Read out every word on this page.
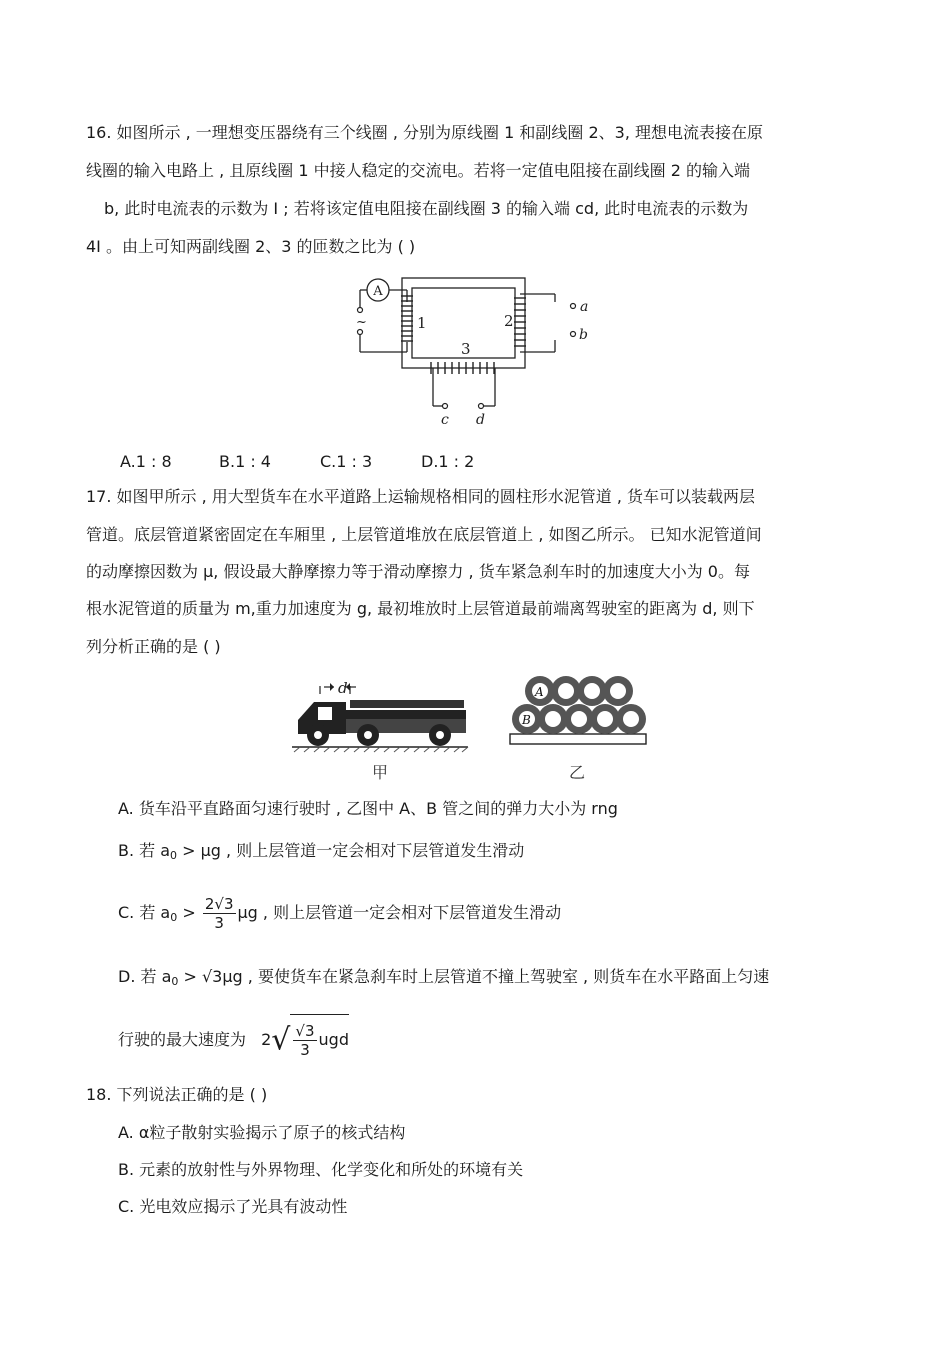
16. 如图所示 , 一理想变压器绕有三个线圈 , 分别为原线圈 1 和副线圈 2、3, 理想电流表接在原
线圈的输入电路上 , 且原线圈 1 中接人稳定的交流电。若将一定值电阻接在副线圈 2 的输入端
b, 此时电流表的示数为 I ; 若将该定值电阻接在副线圈 3 的输入端 cd, 此时电流表的示数为
4I 。由上可知两副线圈 2、3 的匝数之比为 ( )
A
~	1	2
3
a
b
c d
A.1 : 8	B.1 : 4	C.1 : 3	D.1 : 2
17. 如图甲所示 , 用大型货车在水平道路上运输规格相同的圆柱形水泥管道 , 货车可以装载两层
管道。底层管道紧密固定在车厢里 , 上层管道堆放在底层管道上 , 如图乙所示。 已知水泥管道间
的动摩擦因数为 μ, 假设最大静摩擦力等于滑动摩擦力 , 货车紧急刹车时的加速度大小为 0。每
根水泥管道的质量为 m,重力加速度为 g, 最初堆放时上层管道最前端离驾驶室的距离为 d, 则下
列分析正确的是 ( )
d
甲
A
B
乙
A. 货车沿平直路面匀速行驶时 , 乙图中 A、B 管之间的弹力大小为 rng
B. 若 $a_0 > \mu g$ , 则上层管道一定会相对下层管道发生滑动
C. 若 $a_0 > \frac{2√3}{3}$ μg , 则上层管道一定会相对下层管道发生滑动
D. 若 $a_0 > √3\mu g$ , 要使货车在紧急刹车时上层管道不撞上驾驶室 , 则货车在水平路面上匀速
行驶的最大速度为 $2√ \frac{√3}{3}$ ugd
18. 下列说法正确的是 ( )
A. α粒子散射实验揭示了原子的核式结构
B. 元素的放射性与外界物理、化学变化和所处的环境有关
C. 光电效应揭示了光具有波动性
